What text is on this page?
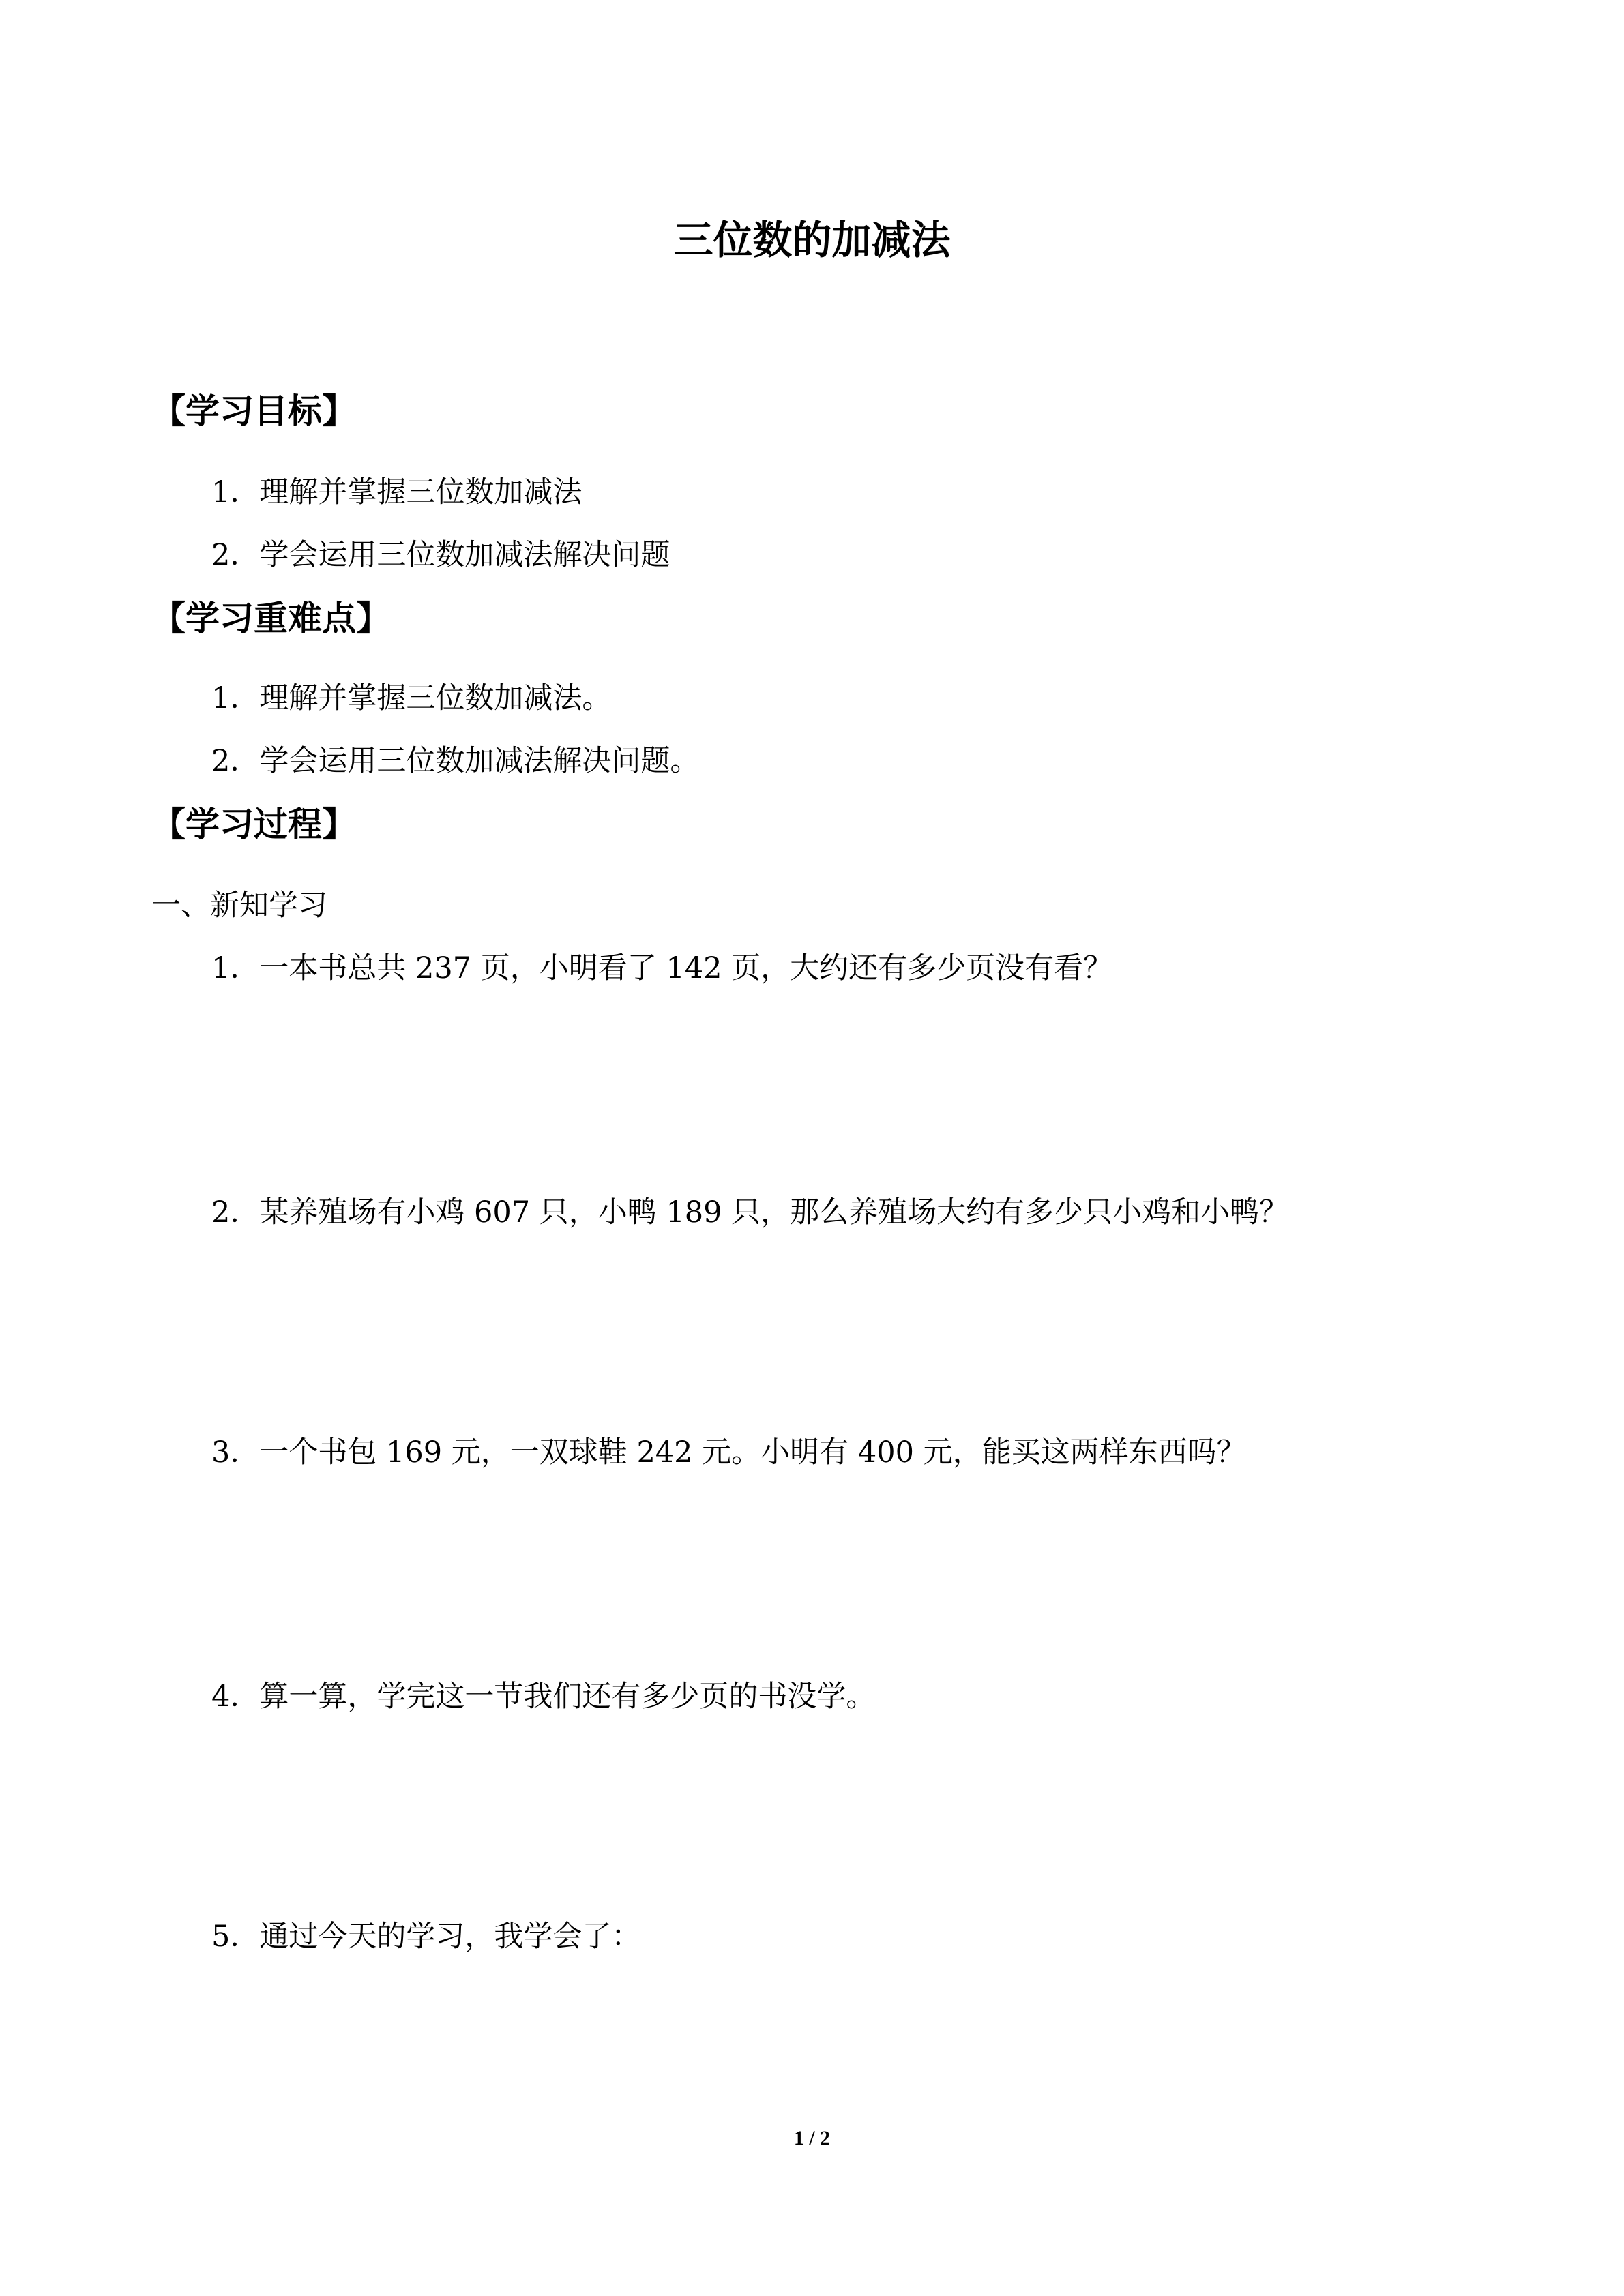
三位数的加减法
【学习目标】
1．理解并掌握三位数加减法
2．学会运用三位数加减法解决问题
【学习重难点】
1．理解并掌握三位数加减法。
2．学会运用三位数加减法解决问题。
【学习过程】
一、新知学习
1．一本书总共 237 页，小明看了 142 页，大约还有多少页没有看？
2．某养殖场有小鸡 607 只，小鸭 189 只，那么养殖场大约有多少只小鸡和小鸭？
3．一个书包 169 元，一双球鞋 242 元。小明有 400 元，能买这两样东西吗？
4．算一算，学完这一节我们还有多少页的书没学。
5．通过今天的学习，我学会了：
1 / 2
